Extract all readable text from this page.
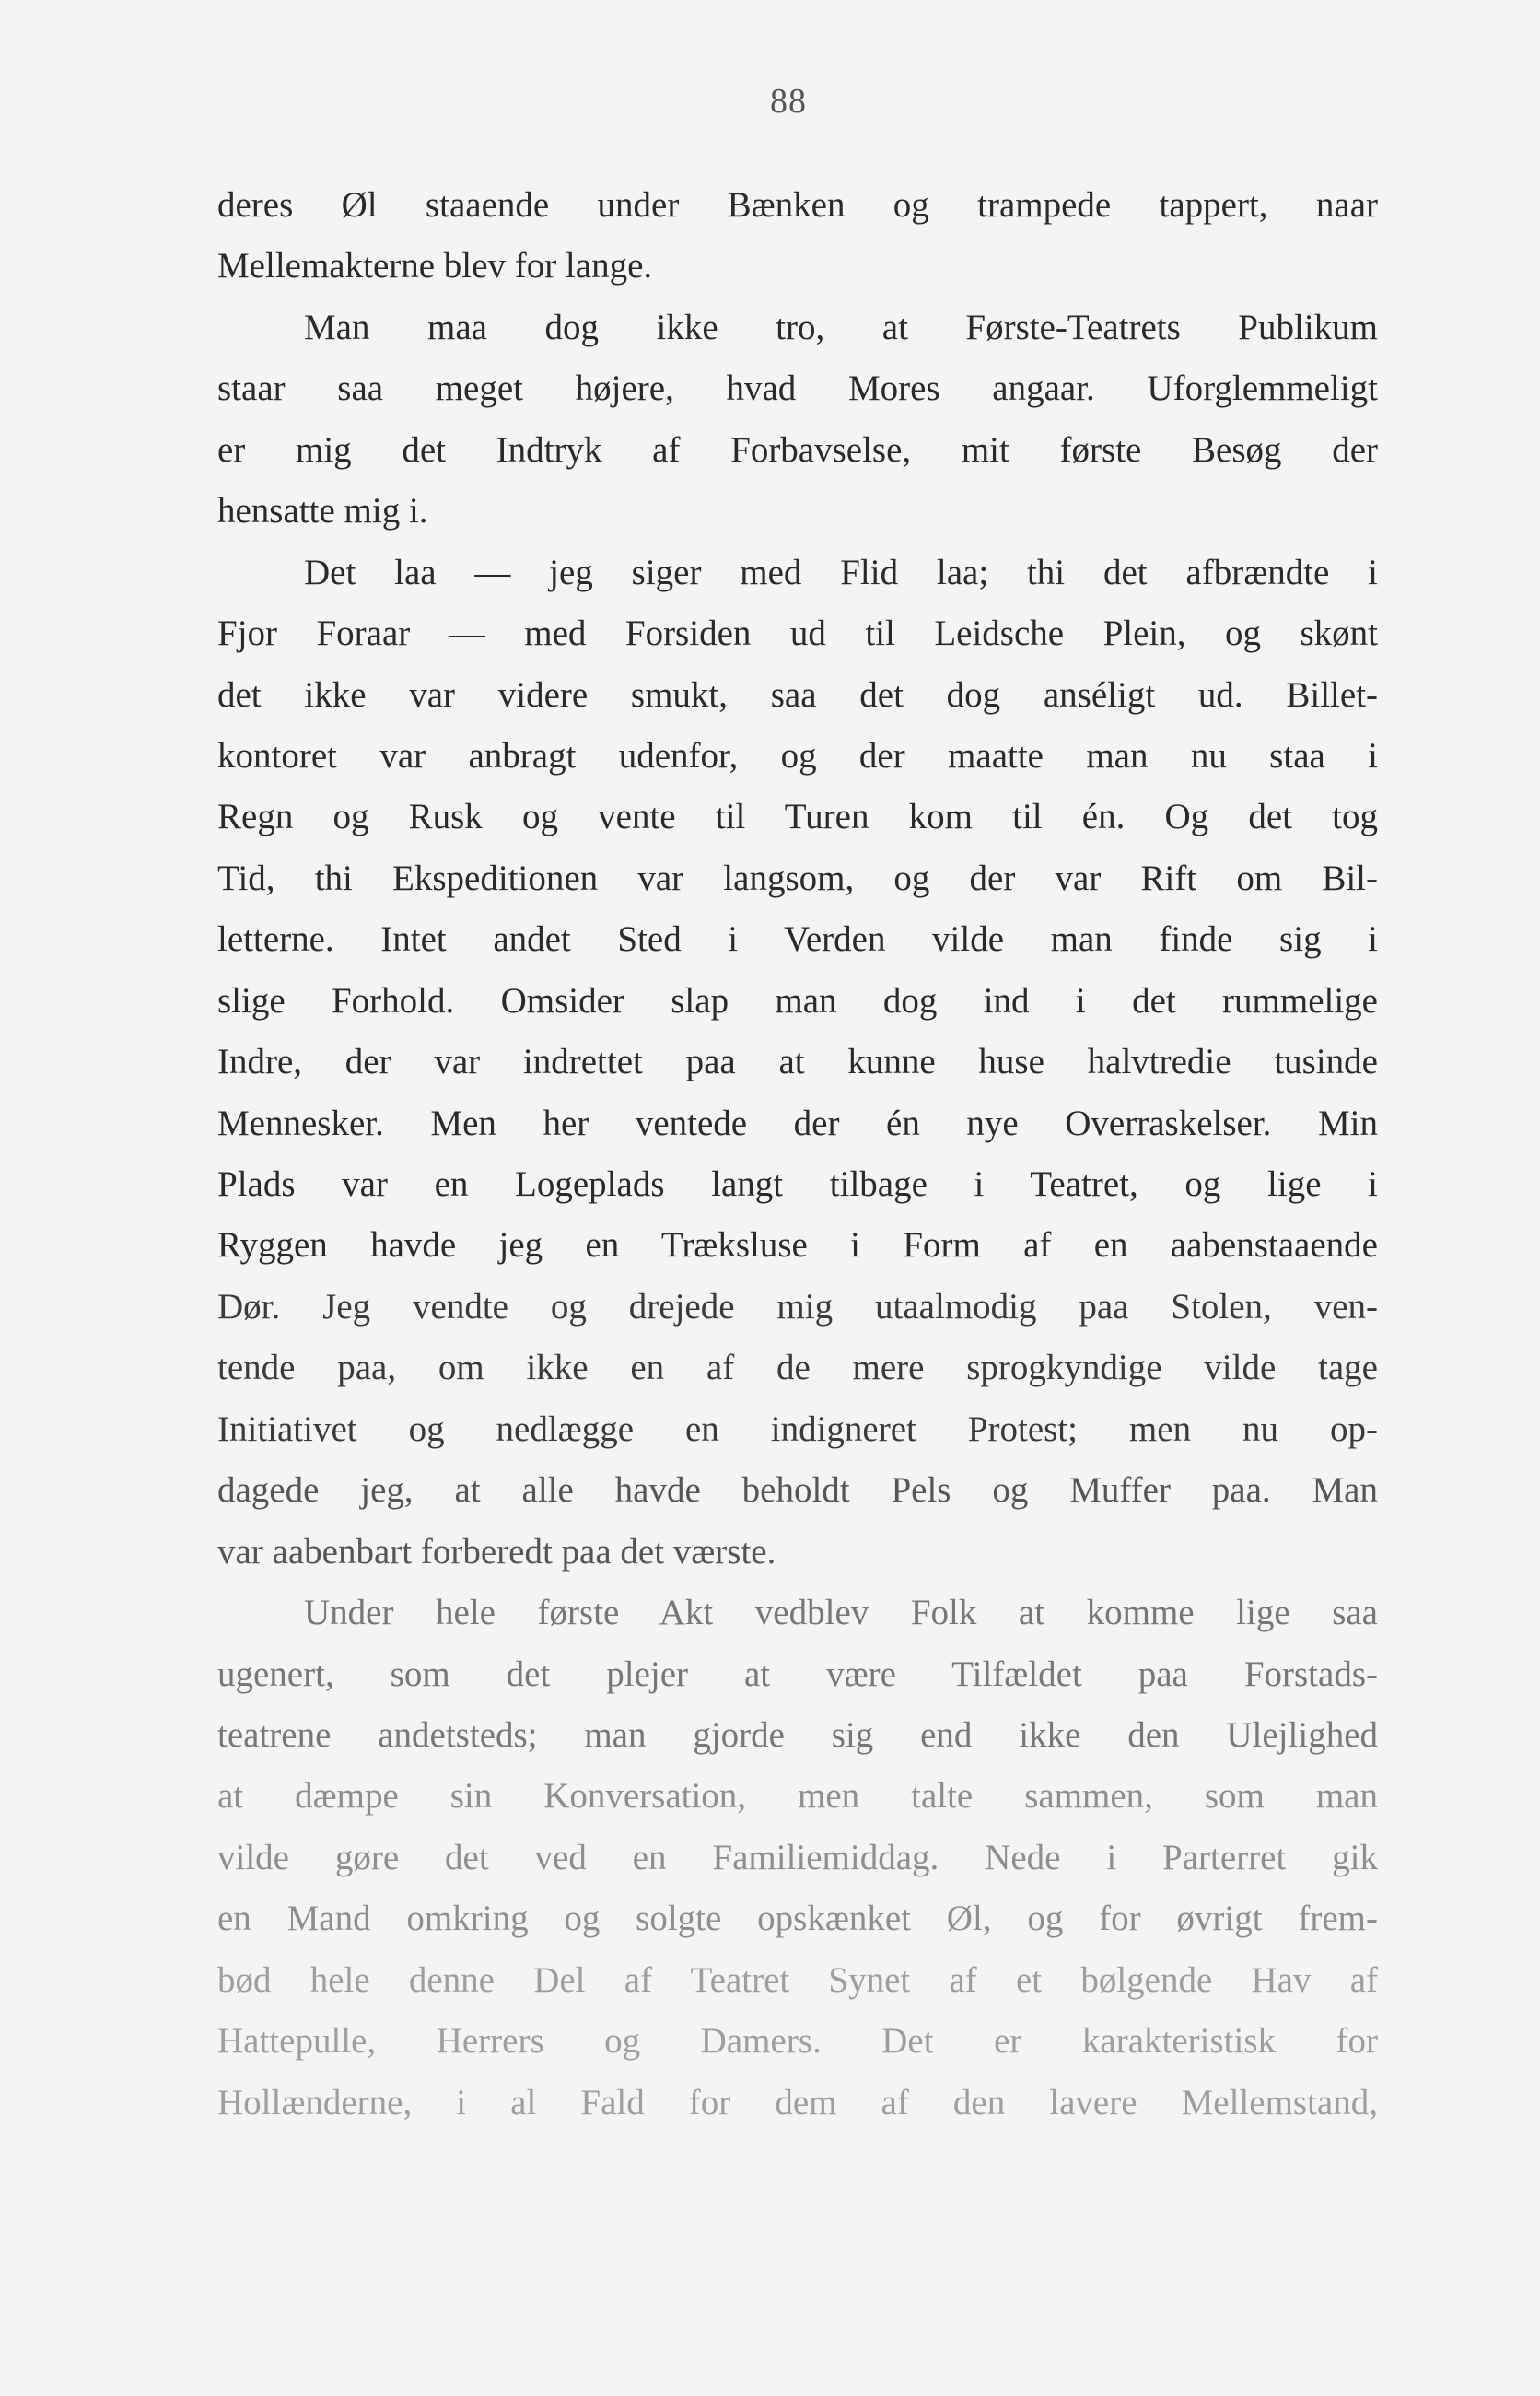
88
deres Øl staaende under Bænken og trampede tappert, naar
Mellemakterne blev for lange.
Man maa dog ikke tro, at Første-Teatrets Publikum
staar saa meget højere, hvad Mores angaar. Uforglemmeligt
er mig det Indtryk af Forbavselse, mit første Besøg der
hensatte mig i.
Det laa — jeg siger med Flid laa; thi det afbrændte i
Fjor Foraar — med Forsiden ud til Leidsche Plein, og skønt
det ikke var videre smukt, saa det dog anséligt ud. Billet-
kontoret var anbragt udenfor, og der maatte man nu staa i
Regn og Rusk og vente til Turen kom til én. Og det tog
Tid, thi Ekspeditionen var langsom, og der var Rift om Bil-
letterne. Intet andet Sted i Verden vilde man finde sig i
slige Forhold. Omsider slap man dog ind i det rummelige
Indre, der var indrettet paa at kunne huse halvtredie tusinde
Mennesker. Men her ventede der én nye Overraskelser. Min
Plads var en Logeplads langt tilbage i Teatret, og lige i
Ryggen havde jeg en Træksluse i Form af en aabenstaaende
Dør. Jeg vendte og drejede mig utaalmodig paa Stolen, ven-
tende paa, om ikke en af de mere sprogkyndige vilde tage
Initiativet og nedlægge en indigneret Protest; men nu op-
dagede jeg, at alle havde beholdt Pels og Muffer paa. Man
var aabenbart forberedt paa det værste.
Under hele første Akt vedblev Folk at komme lige saa
ugenert, som det plejer at være Tilfældet paa Forstads-
teatrene andetsteds; man gjorde sig end ikke den Ulejlighed
at dæmpe sin Konversation, men talte sammen, som man
vilde gøre det ved en Familiemiddag. Nede i Parterret gik
en Mand omkring og solgte opskænket Øl, og for øvrigt frem-
bød hele denne Del af Teatret Synet af et bølgende Hav af
Hattepulle, Herrers og Damers. Det er karakteristisk for
Hollænderne, i al Fald for dem af den lavere Mellemstand,
